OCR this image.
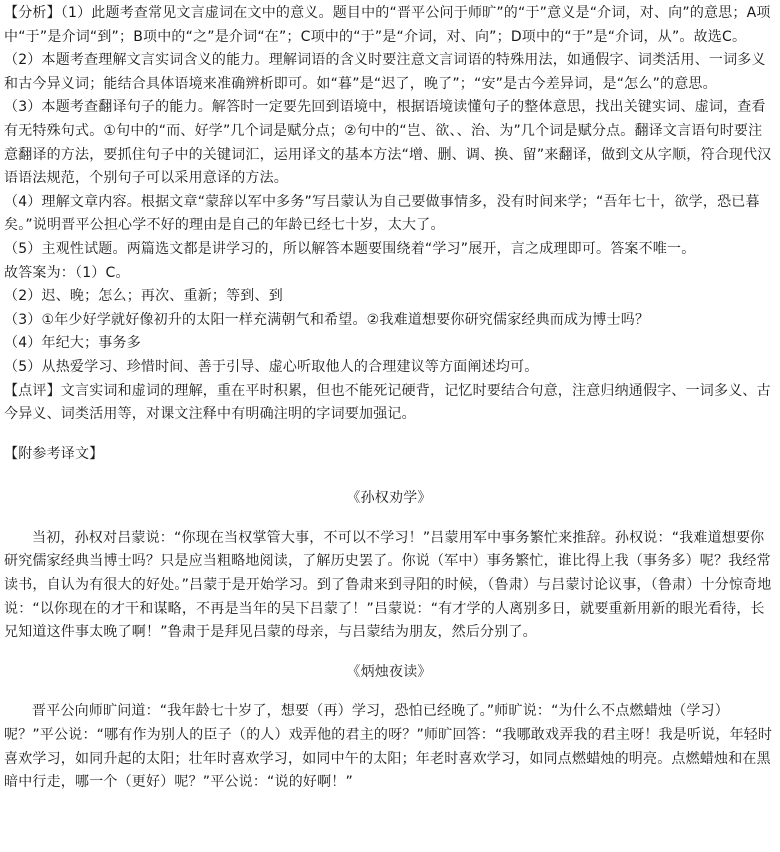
【分析】（1）此题考查常见文言虚词在文中的意义。题目中的“晋平公问于师旷”的“于”意义是“介词，对、向”的意思；A项中“于”是介词“到”；B项中的“之”是介词“在”；C项中的“于”是“介词，对、向”；D项中的“于”是“介词，从”。故选C。

（2）本题考查理解文言实词含义的能力。理解词语的含义时要注意文言词语的特殊用法，如通假字、词类活用、一词多义和古今异义词；能结合具体语境来准确辨析即可。如“暮”是“迟了，晚了”；“安”是古今差异词，是“怎么”的意思。

（3）本题考查翻译句子的能力。解答时一定要先回到语境中，根据语境读懂句子的整体意思，找出关键实词、虚词，查看有无特殊句式。①句中的“而、好学”几个词是赋分点；②句中的“岂、欲、、治、为”几个词是赋分点。翻译文言语句时要注意翻译的方法，要抓住句子中的关键词汇，运用译文的基本方法“增、删、调、换、留”来翻译，做到文从字顺，符合现代汉语语法规范，个别句子可以采用意译的方法。

（4）理解文章内容。根据文章“蒙辞以军中多务”写吕蒙认为自己要做事情多，没有时间来学；“吾年七十，欲学，恐已暮矣。”说明晋平公担心学不好的理由是自己的年龄已经七十岁，太大了。

（5）主观性试题。两篇选文都是讲学习的，所以解答本题要围绕着“学习”展开，言之成理即可。答案不唯一。

故答案为：（1）C。

（2）迟、晚；怎么；再次、重新；等到、到

（3）①年少好学就好像初升的太阳一样充满朝气和希望。②我难道想要你研究儒家经典而成为博士吗？

（4）年纪大；事务多

（5）从热爱学习、珍惜时间、善于引导、虚心听取他人的合理建议等方面阐述均可。

【点评】文言实词和虚词的理解，重在平时积累，但也不能死记硬背，记忆时要结合句意，注意归纳通假字、一词多义、古今异义、词类活用等，对课文注释中有明确注明的字词要加强记。

【附参考译文】

《孙权劝学》

当初，孙权对吕蒙说：“你现在当权掌管大事，不可以不学习！”吕蒙用军中事务繁忙来推辞。孙权说：“我难道想要你研究儒家经典当博士吗？只是应当粗略地阅读，了解历史罢了。你说（军中）事务繁忙，谁比得上我（事务多）呢？我经常读书，自认为有很大的好处。”吕蒙于是开始学习。到了鲁肃来到寻阳的时候，（鲁肃）与吕蒙讨论议事，（鲁肃）十分惊奇地说：“以你现在的才干和谋略，不再是当年的吴下吕蒙了！”吕蒙说：“有才学的人离别多日，就要重新用新的眼光看待，长兄知道这件事太晚了啊！”鲁肃于是拜见吕蒙的母亲，与吕蒙结为朋友，然后分别了。

《炳烛夜读》

晋平公向师旷问道：“我年龄七十岁了，想要（再）学习，恐怕已经晚了。”师旷说：“为什么不点燃蜡烛（学习）呢？”平公说：“哪有作为别人的臣子（的人）戏弄他的君主的呀？”师旷回答：“我哪敢戏弄我的君主呀！我是听说，年轻时喜欢学习，如同升起的太阳；壮年时喜欢学习，如同中午的太阳；年老时喜欢学习，如同点燃蜡烛的明亮。点燃蜡烛和在黑暗中行走，哪一个（更好）呢？”平公说：“说的好啊！”
